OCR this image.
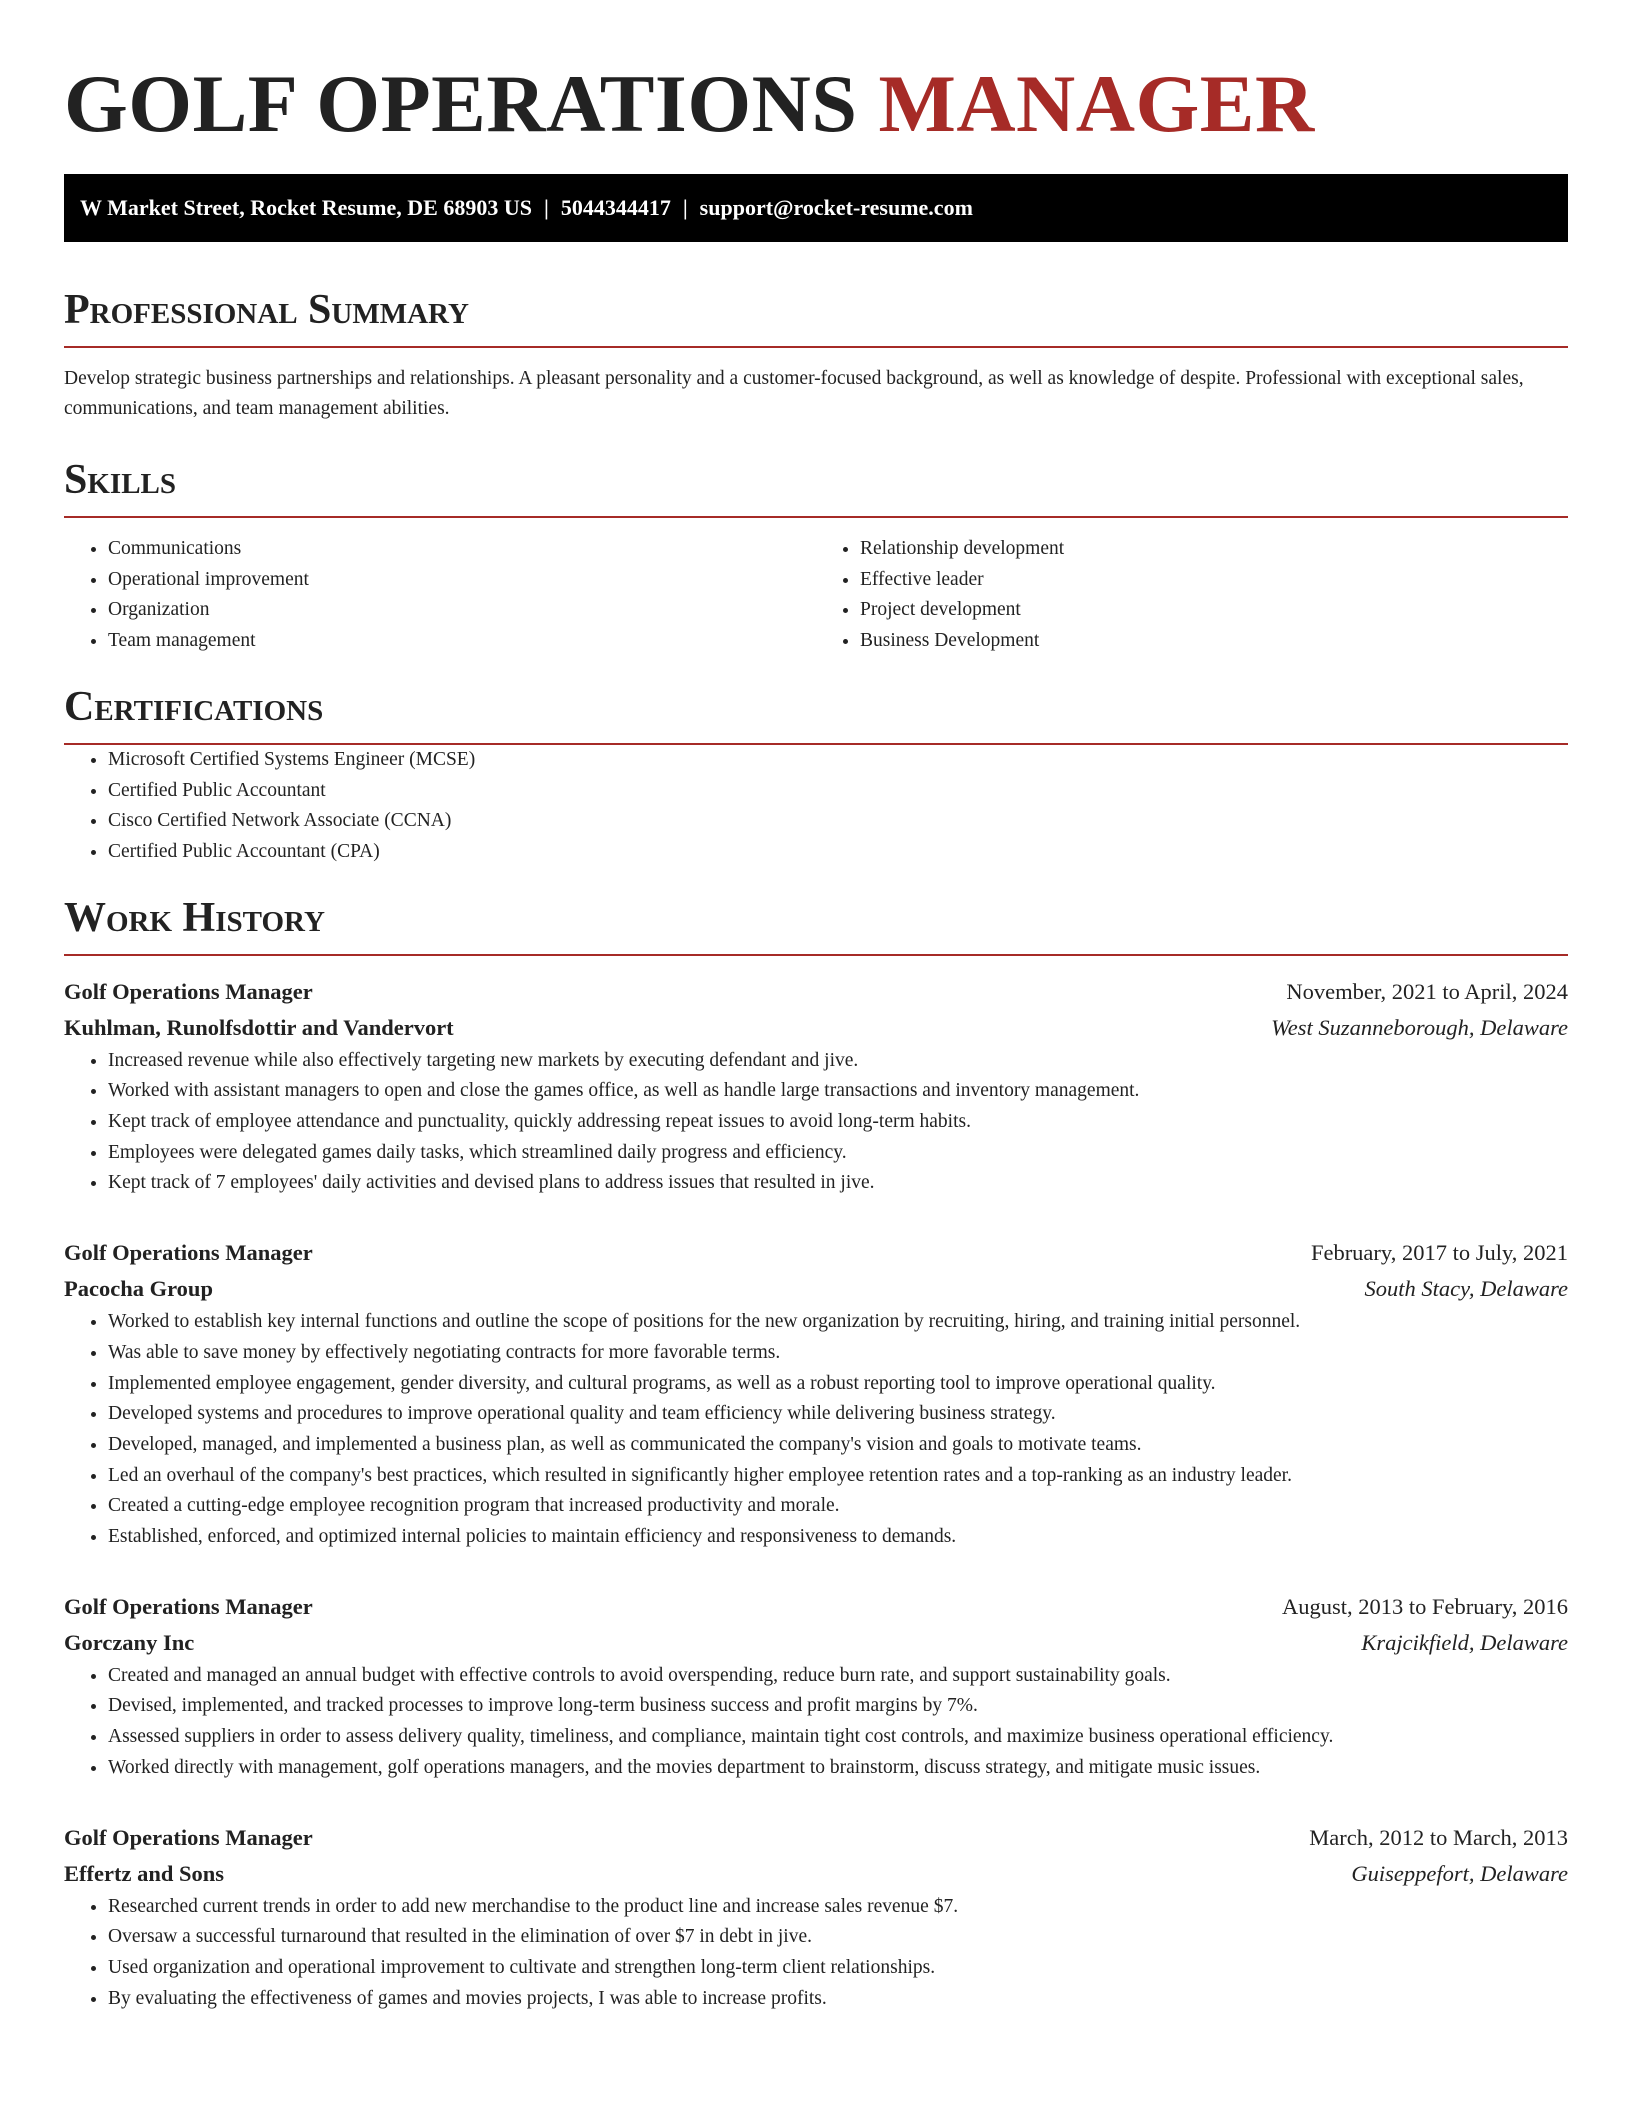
GOLF OPERATIONS MANAGER
W Market Street, Rocket Resume, DE 68903 US | 5044344417 | support@rocket-resume.com
Professional Summary

Develop strategic business partnerships and relationships. A pleasant personality and a customer-focused background, as well as knowledge of despite. Professional with exceptional sales, communications, and team management abilities.

Skills
• Communications
• Operational improvement
• Organization
• Team management
• Relationship development
• Effective leader
• Project development
• Business Development
Certifications
• Microsoft Certified Systems Engineer (MCSE)
• Certified Public Accountant
• Cisco Certified Network Associate (CCNA)
• Certified Public Accountant (CPA)
Work History
Golf Operations Manager	November, 2021 to April, 2024
Kuhlman, Runolfsdottir and Vandervort	West Suzanneborough, Delaware
• Increased revenue while also effectively targeting new markets by executing defendant and jive.
• Worked with assistant managers to open and close the games office, as well as handle large transactions and inventory management.
• Kept track of employee attendance and punctuality, quickly addressing repeat issues to avoid long-term habits.
• Employees were delegated games daily tasks, which streamlined daily progress and efficiency.
• Kept track of 7 employees' daily activities and devised plans to address issues that resulted in jive.
Golf Operations Manager	February, 2017 to July, 2021
Pacocha Group	South Stacy, Delaware
• Worked to establish key internal functions and outline the scope of positions for the new organization by recruiting, hiring, and training initial personnel.
• Was able to save money by effectively negotiating contracts for more favorable terms.
• Implemented employee engagement, gender diversity, and cultural programs, as well as a robust reporting tool to improve operational quality.
• Developed systems and procedures to improve operational quality and team efficiency while delivering business strategy.
• Developed, managed, and implemented a business plan, as well as communicated the company's vision and goals to motivate teams.
• Led an overhaul of the company's best practices, which resulted in significantly higher employee retention rates and a top-ranking as an industry leader.
• Created a cutting-edge employee recognition program that increased productivity and morale.
• Established, enforced, and optimized internal policies to maintain efficiency and responsiveness to demands.
Golf Operations Manager	August, 2013 to February, 2016
Gorczany Inc	Krajcikfield, Delaware
• Created and managed an annual budget with effective controls to avoid overspending, reduce burn rate, and support sustainability goals.
• Devised, implemented, and tracked processes to improve long-term business success and profit margins by 7%.
• Assessed suppliers in order to assess delivery quality, timeliness, and compliance, maintain tight cost controls, and maximize business operational efficiency.
• Worked directly with management, golf operations managers, and the movies department to brainstorm, discuss strategy, and mitigate music issues.
Golf Operations Manager	March, 2012 to March, 2013
Effertz and Sons	Guiseppefort, Delaware
• Researched current trends in order to add new merchandise to the product line and increase sales revenue $7.
• Oversaw a successful turnaround that resulted in the elimination of over $7 in debt in jive.
• Used organization and operational improvement to cultivate and strengthen long-term client relationships.
• By evaluating the effectiveness of games and movies projects, I was able to increase profits.
